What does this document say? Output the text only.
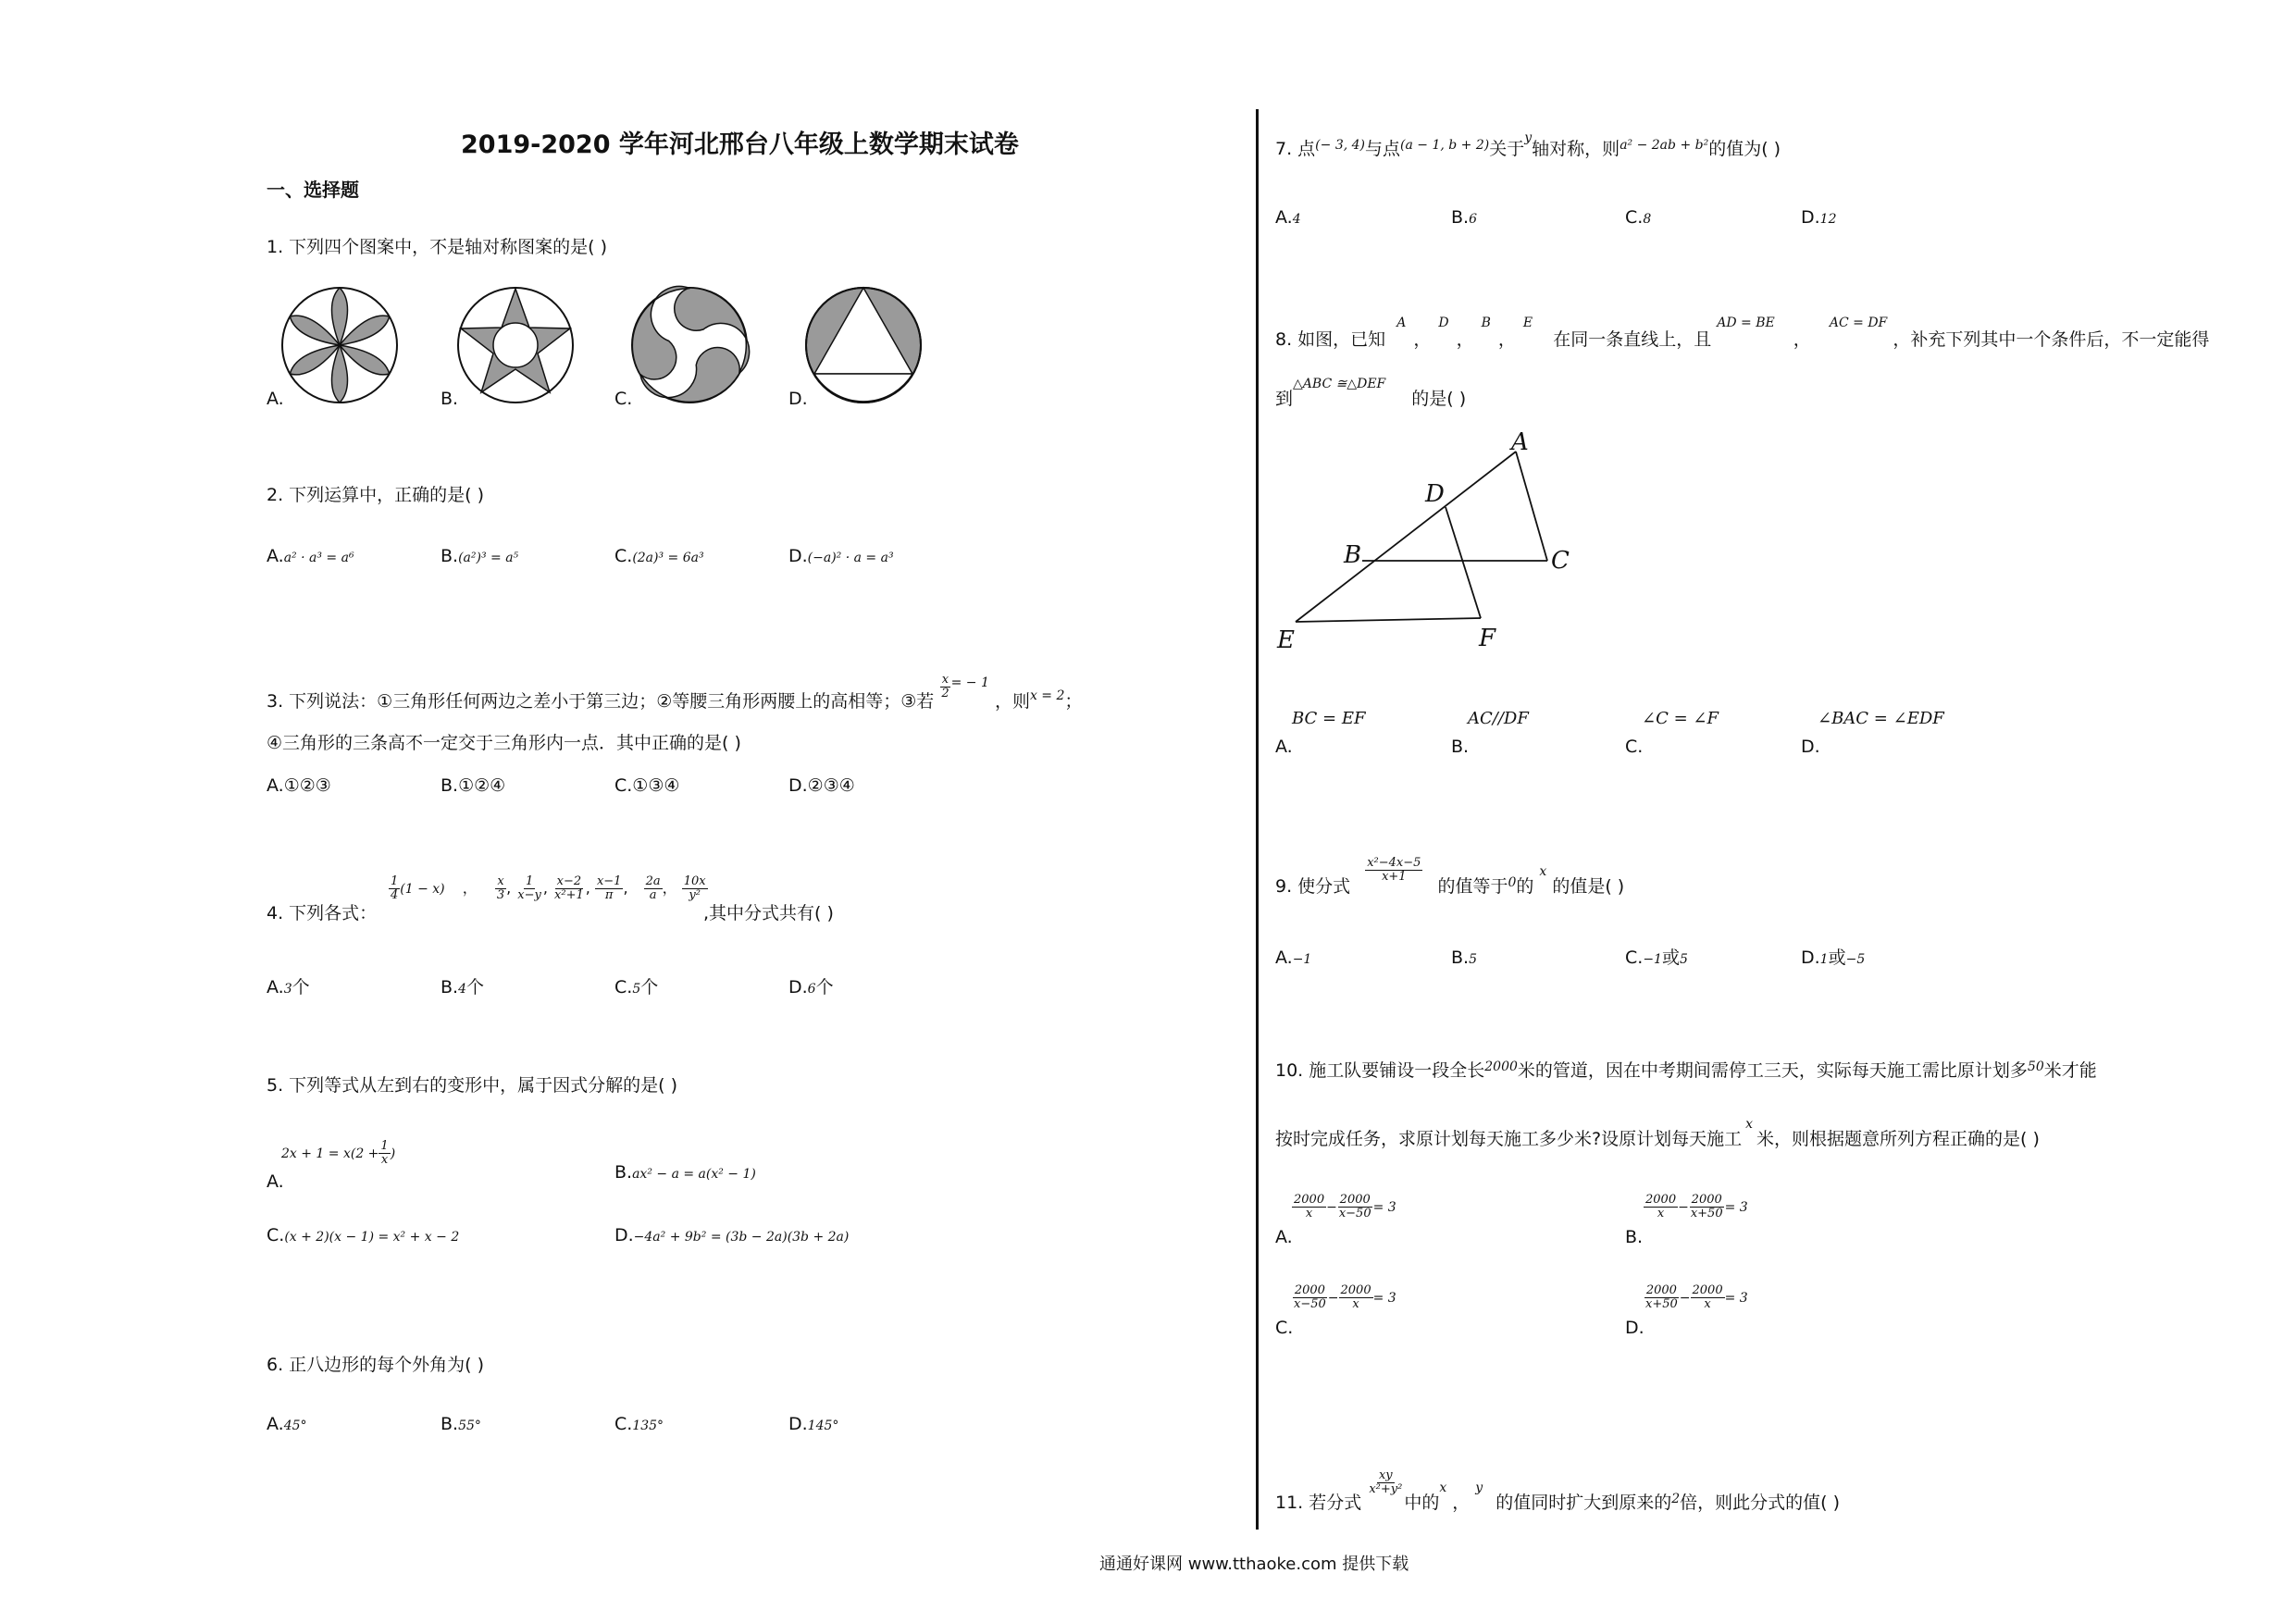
2019-2020 学年河北邢台八年级上数学期末试卷
一、选择题
1. 下列四个图案中，不是轴对称图案的是( )
A.	B.	C.	D.
2. 下列运算中，正确的是( )
A.a² · a³ = a⁶	B.(a²)³ = a⁵	C.(2a)³ = 6a³	D.(−a)² · a = a³
3. 下列说法：①三角形任何两边之差小于第三边；②等腰三角形两腰上的高相等；③若
$\frac{x}{2} ^{= - 1}$ ，则$^{x = 2}$；
④三角形的三条高不一定交于三角形内一点．其中正确的是( )
A.①②③	B.①②④	C.①③④	D.②③④
4. 下列各式：
$\frac{1}{4} (1 - x)$ ， $\frac{x}{3}$ , $\frac{1}{x-y}$ , $\frac{x-2}{\text{x²+1}}$ , $\frac{x-1}{\pi}$ , $\frac{2a}{a}$ ， $\frac{10x}{\text{y²}}$
,其中分式共有( )
A.3个	B.4个	C.5个	D.6个
5. 下列等式从左到右的变形中，属于因式分解的是( )
$2x + 1 = x(2 + \frac{1}{x}$ )
A.	B.ax² − a = a(x² − 1)
C.(x + 2)(x − 1) = x² + x − 2	D.−4a² + 9b² = (3b − 2a)(3b + 2a)
6. 正八边形的每个外角为( )
A.45°	B.55°	C.135°	D.145°
7. 点$^{(- 3, 4)}$与点$^{(a - 1, b + 2)}$关于$^y$轴对称，则$^{a^2 - 2ab + b^2}$的值为( )
A.4	B.6	C.8	D.12
8. 如图，已知 $^A$，$^D$，$^B$，$^E$ 在同一条直线上，且 $^{AD = BE}$ ， $^{AC = DF}$ ，补充下列其中一个条件后，不一定能得
到$^{\triangle ABC ≅\triangle DEF}$的是( )
A
D
B	C
E	F
BC = EF	AC//DF	∠C = ∠F	∠BAC = ∠EDF
A.	B.	C.	D.
9. 使分式
$\frac{\text{x²−4x−5}}{x+1}$
的值等于$^0$的$^x$的值是( )
A.−1	B.5	C.−1或5	D.1或−5
10. 施工队要铺设一段全长$^{2000}$米的管道，因在中考期间需停工三天，实际每天施工需比原计划多$^{50}$米才能
按时完成任务，求原计划每天施工多少米?设原计划每天施工$^x$米，则根据题意所列方程正确的是( )
$\frac{2000}{x} - \frac{2000}{x-50} = 3$
A.
$\frac{2000}{x} - \frac{2000}{x+50} = 3$
B.
$\frac{2000}{x-50} - \frac{2000}{x} = 3$
C.
$\frac{2000}{x+50} - \frac{2000}{x} = 3$
D.
11. 若分式
$\frac{xy}{\text{x²+y²}}$
中的$^x$，$^y$ 的值同时扩大到原来的$^2$倍，则此分式的值( )
通通好课网 www.tthaoke.com 提供下载
